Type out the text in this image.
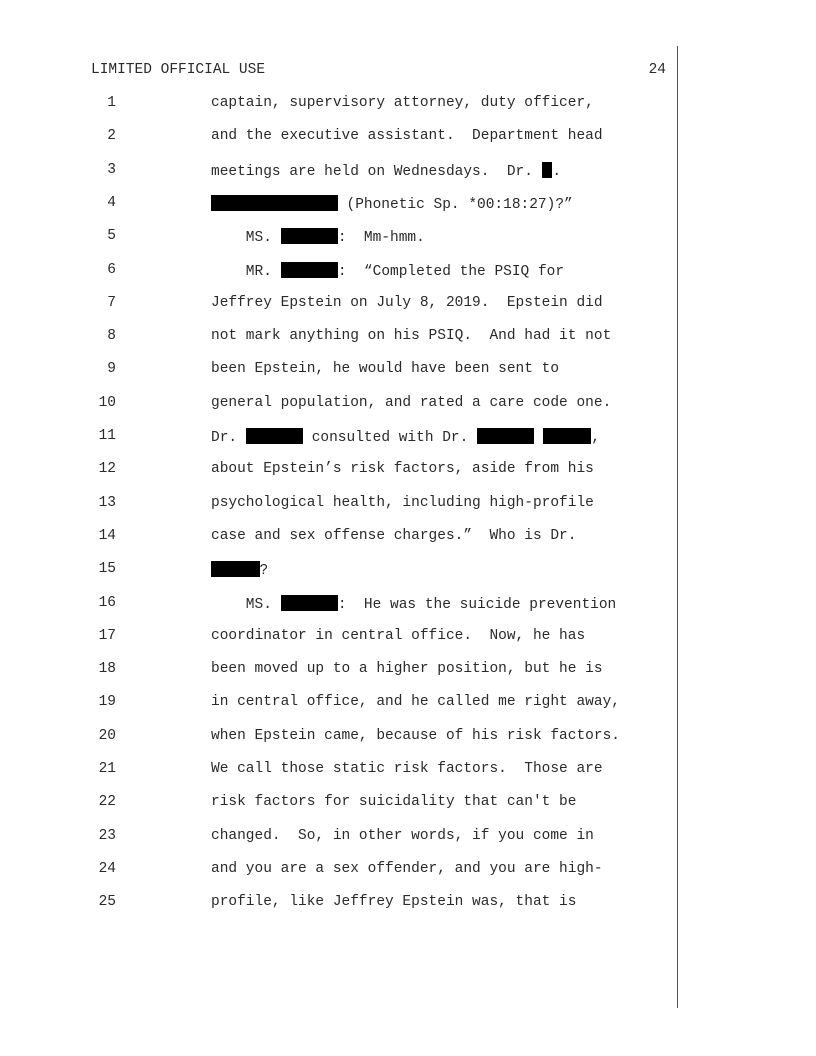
LIMITED OFFICIAL USE	24
1	captain, supervisory attorney, duty officer,
2	and the executive assistant.  Department head
3	meetings are held on Wednesdays.  Dr. .
4	(Phonetic Sp. *00:18:27)?”
5	MS.	:  Mm-hmm.
6	MR.	:  “Completed the PSIQ for
7	Jeffrey Epstein on July 8, 2019.  Epstein did
8	not mark anything on his PSIQ.  And had it not
9	been Epstein, he would have been sent to
10	general population, and rated a care code one.
11	Dr.	consulted with Dr.	,
12	about Epstein’s risk factors, aside from his
13	psychological health, including high-profile
14	case and sex offense charges.”  Who is Dr.
15	?
16	MS.	:  He was the suicide prevention
17	coordinator in central office.  Now, he has
18	been moved up to a higher position, but he is
19	in central office, and he called me right away,
20	when Epstein came, because of his risk factors.
21	We call those static risk factors.  Those are
22	risk factors for suicidality that can't be
23	changed.  So, in other words, if you come in
24	and you are a sex offender, and you are high-
25	profile, like Jeffrey Epstein was, that is
